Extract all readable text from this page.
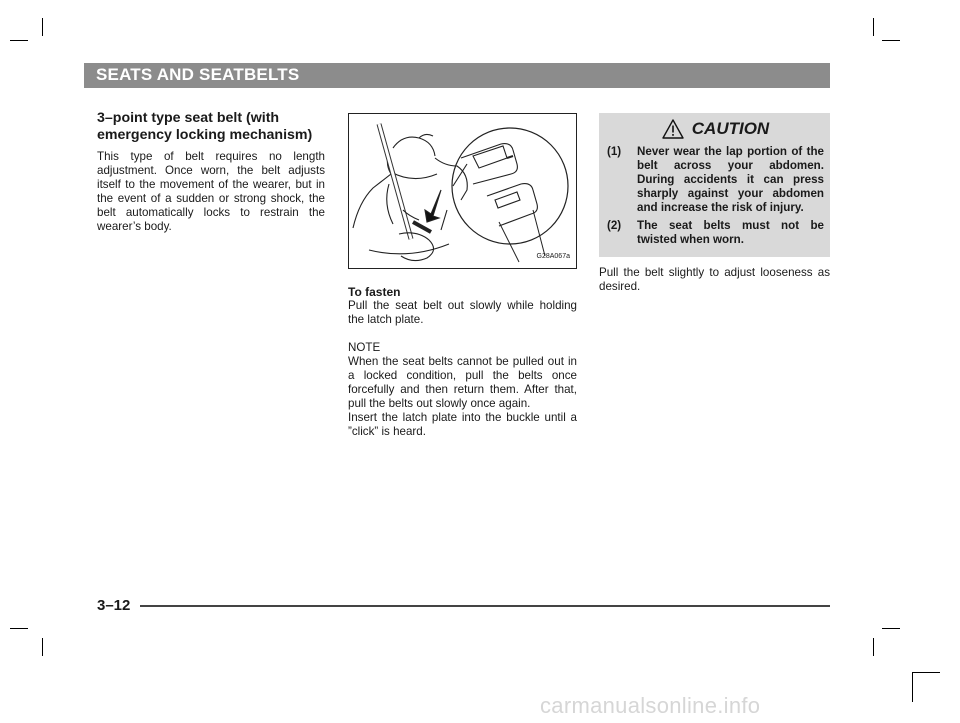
SEATS AND SEATBELTS
3–point type seat belt (with emergency locking mechanism)

This type of belt requires no length adjustment. Once worn, the belt adjusts itself to the movement of the wearer, but in the event of a sudden or strong shock, the belt automatically locks to restrain the wearer’s body.

G28A067a
To fasten

Pull the seat belt out slowly while holding the latch plate.

NOTE

When the seat belts cannot be pulled out in a locked condition, pull the belts once forcefully and then return them. After that, pull the belts out slowly once again.

Insert the latch plate into the buckle until a ”click” is heard.

CAUTION
(1)	Never wear the lap portion of the belt across your abdomen. During accidents it can press sharply against your abdomen and increase the risk of injury.
(2)	The seat belts must not be twisted when worn.

Pull the belt slightly to adjust looseness as desired.

3–12
carmanualsonline.info
